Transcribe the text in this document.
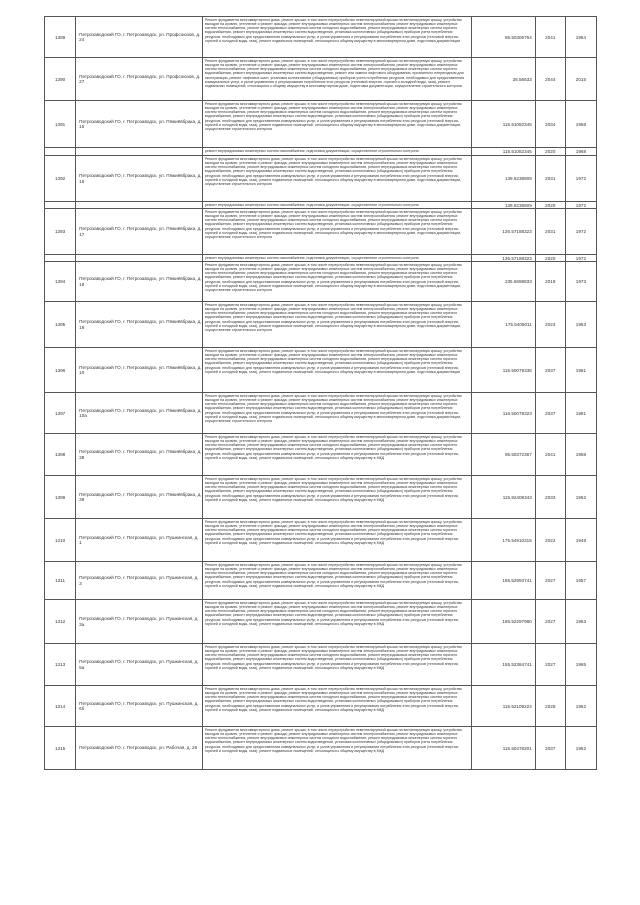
1389	Петрозаводский ГО, г. Петрозаводск, ул. Профсоюзов, д. 24	Ремонт фундамента многоквартирного дома, ремонт крыши, в том числе переустройство невентилируемой крыши на вентилируемую крышу, устройство выходов на кровлю, утепление и ремонт фасада, ремонт внутридомовых инженерных систем электроснабжения, ремонт внутридомовых инженерных систем теплоснабжения, ремонт внутридомовых инженерных систем холодного водоснабжения, ремонт внутридомовых инженерных систем горячего водоснабжения, ремонт внутридомовых инженерных систем водоотведения, установка коллективных (общедомовых) приборов учета потребления ресурсов, необходимых для предоставления коммунальных услуг, и узлов управления и регулирования потребления этих ресурсов (тепловой энергии, горячей и холодной воды, газа), ремонт подвальных помещений, относящихся к общему имуществу в многоквартирном доме, подготовка документации	65.50306754	2041	1964
1390	Петрозаводский ГО, г. Петрозаводск, ул. Профсоюзов, д. 27	Ремонт фундамента многоквартирного дома, ремонт крыши, в том числе переустройство невентилируемой крыши на вентилируемую крышу, устройство выходов на кровлю, утепление и ремонт фасада, ремонт внутридомовых инженерных систем электроснабжения, ремонт внутридомовых инженерных систем теплоснабжения, ремонт внутридомовых инженерных систем холодного водоснабжения, ремонт внутридомовых инженерных систем горячего водоснабжения, ремонт внутридомовых инженерных систем водоотведения, ремонт или замена лифтового оборудования, признанного непригодным для эксплуатации, ремонт лифтовых шахт, установка коллективных (общедомовых) приборов учета потребления ресурсов, необходимых для предоставления коммунальных услуг, и узлов управления и регулирования потребления этих ресурсов (тепловой энергии, горячей и холодной воды, газа), ремонт подвальных помещений, относящихся к общему имуществу в многоквартирном доме, подготовка документации, осуществление строительного контроля	28.56633	2044	2015
1391	Петрозаводский ГО, г. Петрозаводск, ул. Пяжиёвбрака, д. 15	Ремонт фундамента многоквартирного дома, ремонт крыши, в том числе переустройство невентилируемой крыши на вентилируемую крышу, устройство выходов на кровлю, утепление и ремонт фасада, ремонт внутридомовых инженерных систем электроснабжения, ремонт внутридомовых инженерных систем теплоснабжения, ремонт внутридомовых инженерных систем холодного водоснабжения, ремонт внутридомовых инженерных систем горячего водоснабжения, ремонт внутридомовых инженерных систем водоотведения, установка коллективных (общедомовых) приборов учета потребления ресурсов, необходимых для предоставления коммунальных услуг, и узлов управления и регулирования потребления этих ресурсов (тепловой энергии, горячей и холодной воды, газа), ремонт подвальных помещений, относящихся к общему имуществу в многоквартирном доме, подготовка документации, осуществление строительного контроля	115.51082345	2034	1968

		ремонт внутридомовых инженерных систем газоснабжения, подготовка документации, осуществление строительного контроля	115.51082345	2020	1968
1392	Петрозаводский ГО, г. Петрозаводск, ул. Пяжиёвбрака, д. 16	Ремонт фундамента многоквартирного дома, ремонт крыши, в том числе переустройство невентилируемой крыши на вентилируемую крышу, устройство выходов на кровлю, утепление и ремонт фасада, ремонт внутридомовых инженерных систем электроснабжения, ремонт внутридомовых инженерных систем теплоснабжения, ремонт внутридомовых инженерных систем холодного водоснабжения, ремонт внутридомовых инженерных систем горячего водоснабжения, ремонт внутридомовых инженерных систем водоотведения, установка коллективных (общедомовых) приборов учета потребления ресурсов, необходимых для предоставления коммунальных услуг, и узлов управления и регулирования потребления этих ресурсов (тепловой энергии, горячей и холодной воды, газа), ремонт подвальных помещений, относящихся к общему имуществу в многоквартирном доме, подготовка документации, осуществление строительного контроля	139.5238809	2031	1972

		ремонт внутридомовых инженерных систем газоснабжения, подготовка документации, осуществление строительного контроля	139.5238809	2020	1972
1393	Петрозаводский ГО, г. Петрозаводск, ул. Пяжиёвбрака, д. 17	Ремонт фундамента многоквартирного дома, ремонт крыши, в том числе переустройство невентилируемой крыши на вентилируемую крышу, устройство выходов на кровлю, утепление и ремонт фасада, ремонт внутридомовых инженерных систем электроснабжения, ремонт внутридомовых инженерных систем теплоснабжения, ремонт внутридомовых инженерных систем холодного водоснабжения, ремонт внутридомовых инженерных систем горячего водоснабжения, ремонт внутридомовых инженерных систем водоотведения, установка коллективных (общедомовых) приборов учета потребления ресурсов, необходимых для предоставления коммунальных услуг, и узлов управления и регулирования потребления этих ресурсов (тепловой энергии, горячей и холодной воды, газа), ремонт подвальных помещений, относящихся к общему имуществу в многоквартирном доме, подготовка документации, осуществление строительного контроля	136.57188323	2031	1972

		ремонт внутридомовых инженерных систем газоснабжения, подготовка документации, осуществление строительного контроля	136.57188323	2020	1972
1394	Петрозаводский ГО, г. Петрозаводск, ул. Пяжиёвбрака, д. 18	Ремонт фундамента многоквартирного дома, ремонт крыши, в том числе переустройство невентилируемой крыши на вентилируемую крышу, устройство выходов на кровлю, утепление и ремонт фасада, ремонт внутридомовых инженерных систем электроснабжения, ремонт внутридомовых инженерных систем теплоснабжения, ремонт внутридомовых инженерных систем холодного водоснабжения, ремонт внутридомовых инженерных систем горячего водоснабжения, ремонт внутридомовых инженерных систем водоотведения, установка коллективных (общедомовых) приборов учета потребления ресурсов, необходимых для предоставления коммунальных услуг, и узлов управления и регулирования потребления этих ресурсов (тепловой энергии, горячей и холодной воды, газа), ремонт подвальных помещений, относящихся к общему имуществу в многоквартирном доме, подготовка документации, осуществление строительного контроля	235.5698833	2019	1973
1395	Петрозаводский ГО, г. Петрозаводск, ул. Пяжиёвбрака, д. 19	Ремонт фундамента многоквартирного дома, ремонт крыши, в том числе переустройство невентилируемой крыши на вентилируемую крышу, устройство выходов на кровлю, утепление и ремонт фасада, ремонт внутридомовых инженерных систем электроснабжения, ремонт внутридомовых инженерных систем теплоснабжения, ремонт внутридомовых инженерных систем холодного водоснабжения, ремонт внутридомовых инженерных систем горячего водоснабжения, ремонт внутридомовых инженерных систем водоотведения, установка коллективных (общедомовых) приборов учета потребления ресурсов, необходимых для предоставления коммунальных услуг, и узлов управления и регулирования потребления этих ресурсов (тепловой энергии, горячей и холодной воды, газа), ремонт подвальных помещений, относящихся к общему имуществу в многоквартирном доме, подготовка документации, осуществление строительного контроля	175.5409011	2023	1963
1396	Петрозаводский ГО, г. Петрозаводск, ул. Пяжиёвбрака, д. 10	Ремонт фундамента многоквартирного дома, ремонт крыши, в том числе переустройство невентилируемой крыши на вентилируемую крышу, устройство выходов на кровлю, утепление и ремонт фасада, ремонт внутридомовых инженерных систем электроснабжения, ремонт внутридомовых инженерных систем теплоснабжения, ремонт внутридомовых инженерных систем холодного водоснабжения, ремонт внутридомовых инженерных систем горячего водоснабжения, ремонт внутридомовых инженерных систем водоотведения, установка коллективных (общедомовых) приборов учета потребления ресурсов, необходимых для предоставления коммунальных услуг, и узлов управления и регулирования потребления этих ресурсов (тепловой энергии, горячей и холодной воды, газа), ремонт подвальных помещений, относящихся к общему имуществу в многоквартирном доме, подготовка документации	115.50079336	2037	1981
1397	Петрозаводский ГО, г. Петрозаводск, ул. Пяжиёвбрака, д. 10а	Ремонт фундамента многоквартирного дома, ремонт крыши, в том числе переустройство невентилируемой крыши на вентилируемую крышу, устройство выходов на кровлю, утепление и ремонт фасада, ремонт внутридомовых инженерных систем электроснабжения, ремонт внутридомовых инженерных систем теплоснабжения, ремонт внутридомовых инженерных систем холодного водоснабжения, ремонт внутридомовых инженерных систем горячего водоснабжения, ремонт внутридомовых инженерных систем водоотведения, установка коллективных (общедомовых) приборов учета потребления ресурсов, необходимых для предоставления коммунальных услуг, и узлов управления и регулирования потребления этих ресурсов (тепловой энергии, горячей и холодной воды, газа), ремонт подвальных помещений, относящихся к общему имуществу в многоквартирном доме, подготовка документации, осуществление строительного контроля	116.50079323	2037	1981
1398	Петрозаводский ГО, г. Петрозаводск, ул. Пяжиёвбрака, д. 38	Ремонт фундамента многоквартирного дома, ремонт крыши, в том числе переустройство невентилируемой крыши на вентилируемую крышу, устройство выходов на кровлю, утепление и ремонт фасада, ремонт внутридомовых инженерных систем электроснабжения, ремонт внутридомовых инженерных систем теплоснабжения, ремонт внутридомовых инженерных систем холодного водоснабжения, ремонт внутридомовых инженерных систем горячего водоснабжения, ремонт внутридомовых инженерных систем водоотведения, установка коллективных (общедомовых) приборов учета потребления ресурсов, необходимых для предоставления коммунальных услуг, и узлов управления и регулирования потребления этих ресурсов (тепловой энергии, горячей и холодной воды, газа), ремонт подвальных помещений, относящихся к общему имуществу в МКД	95.50372367	2041	1968
1399	Петрозаводский ГО, г. Петрозаводск, ул. Пяжиёвбрака, д. 39	Ремонт фундамента многоквартирного дома, ремонт крыши, в том числе переустройство невентилируемой крыши на вентилируемую крышу, устройство выходов на кровлю, утепление и ремонт фасада, ремонт внутридомовых инженерных систем электроснабжения, ремонт внутридомовых инженерных систем теплоснабжения, ремонт внутридомовых инженерных систем холодного водоснабжения, ремонт внутридомовых инженерных систем горячего водоснабжения, ремонт внутридомовых инженерных систем водоотведения, установка коллективных (общедомовых) приборов учета потребления ресурсов, необходимых для предоставления коммунальных услуг, и узлов управления и регулирования потребления этих ресурсов (тепловой энергии, горячей и холодной воды, газа), ремонт подвальных помещений, относящихся к общему имуществу в МКД	115.92408343	2033	1962
1310	Петрозаводский ГО, г. Петрозаводск, ул. Пушкинская, д. 1	Ремонт фундамента многоквартирного дома, ремонт крыши, в том числе переустройство невентилируемой крыши на вентилируемую крышу, устройство выходов на кровлю, утепление и ремонт фасада, ремонт внутридомовых инженерных систем электроснабжения, ремонт внутридомовых инженерных систем теплоснабжения, ремонт внутридомовых инженерных систем холодного водоснабжения, ремонт внутридомовых инженерных систем горячего водоснабжения, ремонт внутридомовых инженерных систем водоотведения, установка коллективных (общедомовых) приборов учета потребления ресурсов, необходимых для предоставления коммунальных услуг, и узлов управления и регулирования потребления этих ресурсов (тепловой энергии, горячей и холодной воды, газа), ремонт подвальных помещений, относящихся к общему имуществу в МКД	175.54910315	2022	1948
1311	Петрозаводский ГО, г. Петрозаводск, ул. Пушкинская, д. 3	Ремонт фундамента многоквартирного дома, ремонт крыши, в том числе переустройство невентилируемой крыши на вентилируемую крышу, устройство выходов на кровлю, утепление и ремонт фасада, ремонт внутридомовых инженерных систем электроснабжения, ремонт внутридомовых инженерных систем теплоснабжения, ремонт внутридомовых инженерных систем холодного водоснабжения, ремонт внутридомовых инженерных систем горячего водоснабжения, ремонт внутридомовых инженерных систем водоотведения, установка коллективных (общедомовых) приборов учета потребления ресурсов, необходимых для предоставления коммунальных услуг, и узлов управления и регулирования потребления этих ресурсов (тепловой энергии, горячей и холодной воды, газа), ремонт подвальных помещений, относящихся к общему имуществу в МКД	185.52993741	2027	1957
1312	Петрозаводский ГО, г. Петрозаводск, ул. Пушкинская, д. 3а	Ремонт фундамента многоквартирного дома, ремонт крыши, в том числе переустройство невентилируемой крыши на вентилируемую крышу, устройство выходов на кровлю, утепление и ремонт фасада, ремонт внутридомовых инженерных систем электроснабжения, ремонт внутридомовых инженерных систем теплоснабжения, ремонт внутридомовых инженерных систем холодного водоснабжения, ремонт внутридомовых инженерных систем горячего водоснабжения, ремонт внутридомовых инженерных систем водоотведения, установка коллективных (общедомовых) приборов учета потребления ресурсов, необходимых для предоставления коммунальных услуг, и узлов управления и регулирования потребления этих ресурсов (тепловой энергии, горячей и холодной воды, газа), ремонт подвальных помещений, относящихся к общему имуществу в МКД	185.52297980	2027	1963
1313	Петрозаводский ГО, г. Петрозаводск, ул. Пушкинская, д. 5а	Ремонт фундамента многоквартирного дома, ремонт крыши, в том числе переустройство невентилируемой крыши на вентилируемую крышу, устройство выходов на кровлю, утепление и ремонт фасада, ремонт внутридомовых инженерных систем электроснабжения, ремонт внутридомовых инженерных систем теплоснабжения, ремонт внутридомовых инженерных систем холодного водоснабжения, ремонт внутридомовых инженерных систем горячего водоснабжения, ремонт внутридомовых инженерных систем водоотведения, установка коллективных (общедомовых) приборов учета потребления ресурсов, необходимых для предоставления коммунальных услуг, и узлов управления и регулирования потребления этих ресурсов (тепловой энергии, горячей и холодной воды, газа), ремонт подвальных помещений, относящихся к общему имуществу в МКД	155.52384741	2027	1965
1314	Петрозаводский ГО, г. Петрозаводск, ул. Пушкинская, д. 6б	Ремонт фундамента многоквартирного дома, ремонт крыши, в том числе переустройство невентилируемой крыши на вентилируемую крышу, устройство выходов на кровлю, утепление и ремонт фасада, ремонт внутридомовых инженерных систем электроснабжения, ремонт внутридомовых инженерных систем теплоснабжения, ремонт внутридомовых инженерных систем холодного водоснабжения, ремонт внутридомовых инженерных систем горячего водоснабжения, ремонт внутридомовых инженерных систем водоотведения, установка коллективных (общедомовых) приборов учета потребления ресурсов, необходимых для предоставления коммунальных услуг, и узлов управления и регулирования потребления этих ресурсов (тепловой энергии, горячей и холодной воды, газа), ремонт подвальных помещений, относящихся к общему имуществу в МКД	115.52109224	2028	1962
1315	Петрозаводский ГО, г. Петрозаводск, ул. Рабочая, д. 26	Ремонт фундамента многоквартирного дома, ремонт крыши, в том числе переустройство невентилируемой крыши на вентилируемую крышу, устройство выходов на кровлю, утепление и ремонт фасада, ремонт внутридомовых инженерных систем электроснабжения, ремонт внутридомовых инженерных систем теплоснабжения, ремонт внутридомовых инженерных систем холодного водоснабжения, ремонт внутридомовых инженерных систем горячего водоснабжения, ремонт внутридомовых инженерных систем водоотведения, установка коллективных (общедомовых) приборов учета потребления ресурсов, необходимых для предоставления коммунальных услуг, и узлов управления и регулирования потребления этих ресурсов (тепловой энергии, горячей и холодной воды, газа), ремонт подвальных помещений, относящихся к общему имуществу в МКД	115.50478201	2037	1962
